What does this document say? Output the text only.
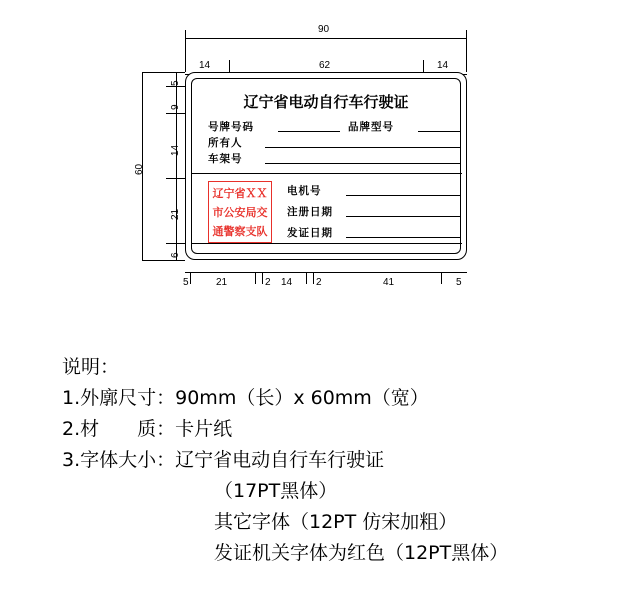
90
14	62	14
60
5
9
14
21
6
5	21	2 14 2	41	5
辽宁省电动自行车行驶证
号牌号码	品牌型号
所有人
车架号
辽宁省ＸＸ
市公安局交
通警察支队
电机号
注册日期
发证日期
说明：
1.外廓尺寸：90mm（长）x 60mm（宽）
2.材　　质：卡片纸
3.字体大小：辽宁省电动自行车行驶证
（17PT黑体）
其它字体（12PT 仿宋加粗）
发证机关字体为红色（12PT黑体）
